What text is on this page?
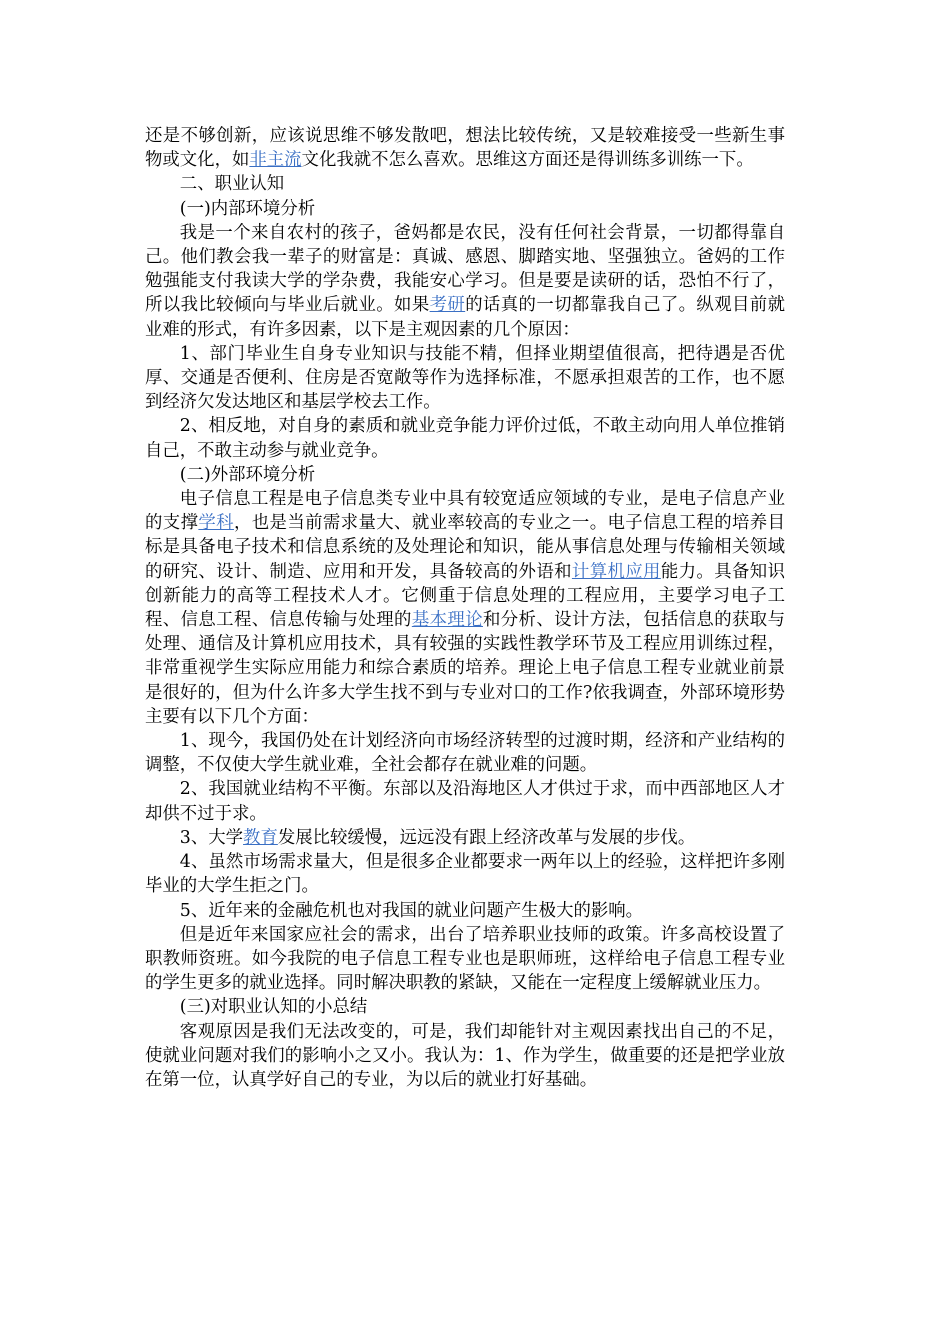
还是不够创新，应该说思维不够发散吧，想法比较传统，又是较难接受一些新生事物或文化，如非主流文化我就不怎么喜欢。思维这方面还是得训练多训练一下。

二、职业认知

(一)内部环境分析

我是一个来自农村的孩子，爸妈都是农民，没有任何社会背景，一切都得靠自己。他们教会我一辈子的财富是：真诚、感恩、脚踏实地、坚强独立。爸妈的工作勉强能支付我读大学的学杂费，我能安心学习。但是要是读研的话，恐怕不行了，所以我比较倾向与毕业后就业。如果考研的话真的一切都靠我自己了。纵观目前就业难的形式，有许多因素，以下是主观因素的几个原因：

1、部门毕业生自身专业知识与技能不精，但择业期望值很高，把待遇是否优厚、交通是否便利、住房是否宽敞等作为选择标准，不愿承担艰苦的工作，也不愿到经济欠发达地区和基层学校去工作。

2、相反地，对自身的素质和就业竞争能力评价过低，不敢主动向用人单位推销自己，不敢主动参与就业竞争。

(二)外部环境分析

电子信息工程是电子信息类专业中具有较宽适应领域的专业，是电子信息产业的支撑学科，也是当前需求量大、就业率较高的专业之一。电子信息工程的培养目标是具备电子技术和信息系统的及处理论和知识，能从事信息处理与传输相关领域的研究、设计、制造、应用和开发，具备较高的外语和计算机应用能力。具备知识创新能力的高等工程技术人才。它侧重于信息处理的工程应用，主要学习电子工程、信息工程、信息传输与处理的基本理论和分析、设计方法，包括信息的获取与处理、通信及计算机应用技术，具有较强的实践性教学环节及工程应用训练过程，非常重视学生实际应用能力和综合素质的培养。理论上电子信息工程专业就业前景是很好的，但为什么许多大学生找不到与专业对口的工作?依我调查，外部环境形势主要有以下几个方面：

1、现今，我国仍处在计划经济向市场经济转型的过渡时期，经济和产业结构的调整，不仅使大学生就业难，全社会都存在就业难的问题。

2、我国就业结构不平衡。东部以及沿海地区人才供过于求，而中西部地区人才却供不过于求。

3、大学教育发展比较缓慢，远远没有跟上经济改革与发展的步伐。

4、虽然市场需求量大，但是很多企业都要求一两年以上的经验，这样把许多刚毕业的大学生拒之门。

5、近年来的金融危机也对我国的就业问题产生极大的影响。

但是近年来国家应社会的需求，出台了培养职业技师的政策。许多高校设置了职教师资班。如今我院的电子信息工程专业也是职师班，这样给电子信息工程专业的学生更多的就业选择。同时解决职教的紧缺，又能在一定程度上缓解就业压力。

(三)对职业认知的小总结

客观原因是我们无法改变的，可是，我们却能针对主观因素找出自己的不足，使就业问题对我们的影响小之又小。我认为：1、作为学生，做重要的还是把学业放在第一位，认真学好自己的专业，为以后的就业打好基础。
